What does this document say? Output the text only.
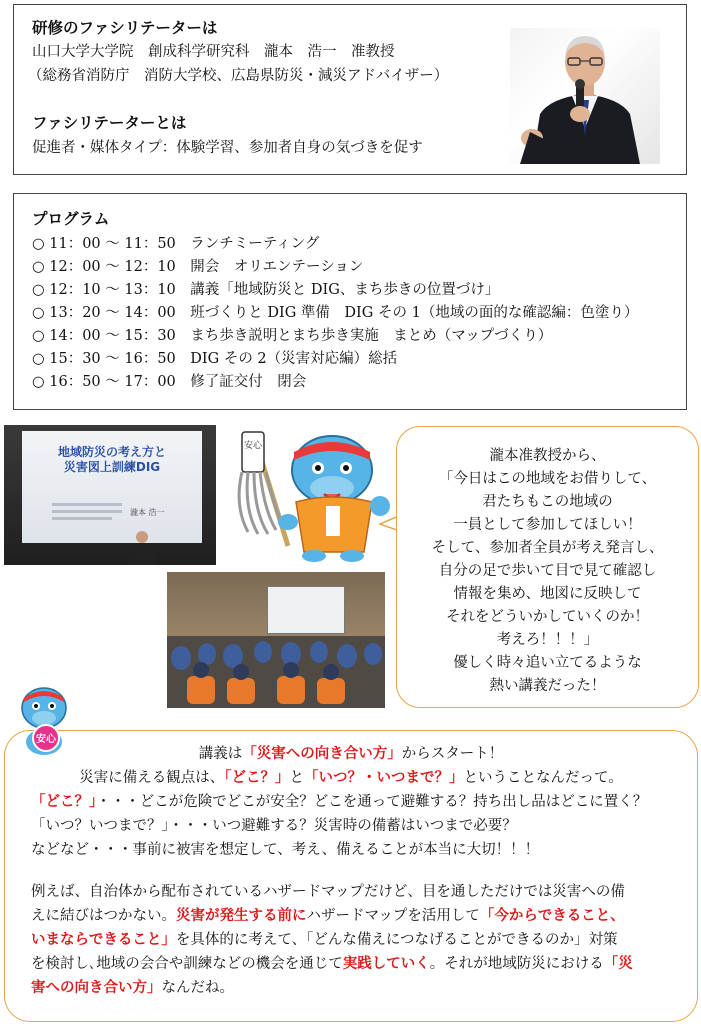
研修のファシリテーターは
山口大学大学院　創成科学研究科　瀧本　浩一　准教授
（総務省消防庁　消防大学校、広島県防災・減災アドバイザー）
ファシリテーターとは
促進者・媒体タイプ：体験学習、参加者自身の気づきを促す
プログラム
○ 11：00 ～ 11：50　ランチミーティング
○ 12：00 ～ 12：10　開会　オリエンテーション
○ 12：10 ～ 13：10　講義「地域防災と DIG、まち歩きの位置づけ」
○ 13：20 ～ 14：00　班づくりと DIG 準備　DIG その 1（地域の面的な確認編：色塗り）
○ 14：00 ～ 15：30　まち歩き説明とまち歩き実施　まとめ（マップづくり）
○ 15：30 ～ 16：50　DIG その 2（災害対応編）総括
○ 16：50 ～ 17：00　修了証交付　閉会
地域防災の考え方と
災害図上訓練DIG
瀧本 浩一
安心
瀧本准教授から、
「今日はこの地域をお借りして、
君たちもこの地域の
一員として参加してほしい！
そして、参加者全員が考え発言し、
自分の足で歩いて目で見て確認し
情報を集め、地図に反映して
それをどういかしていくのか！
考えろ！！！」
優しく時々追い立てるような
熱い講義だった！
講義は「災害への向き合い方」からスタート！
災害に備える観点は、「どこ？」と「いつ？・いつまで？」ということなんだって。
「どこ？」・・・どこが危険でどこが安全？どこを通って避難する？持ち出し品はどこに置く？
「いつ？いつまで？」・・・いつ避難する？災害時の備蓄はいつまで必要？
などなど・・・事前に被害を想定して、考え、備えることが本当に大切！！！
例えば、自治体から配布されているハザードマップだけど、目を通しただけでは災害への備
えに結びはつかない。災害が発生する前にハザードマップを活用して「今からできること、
いまならできること」を具体的に考えて、「どんな備えにつなげることができるのか」対策
を検討し､地域の会合や訓練などの機会を通じて実践していく。それが地域防災における「災
害への向き合い方」なんだね。
安心
